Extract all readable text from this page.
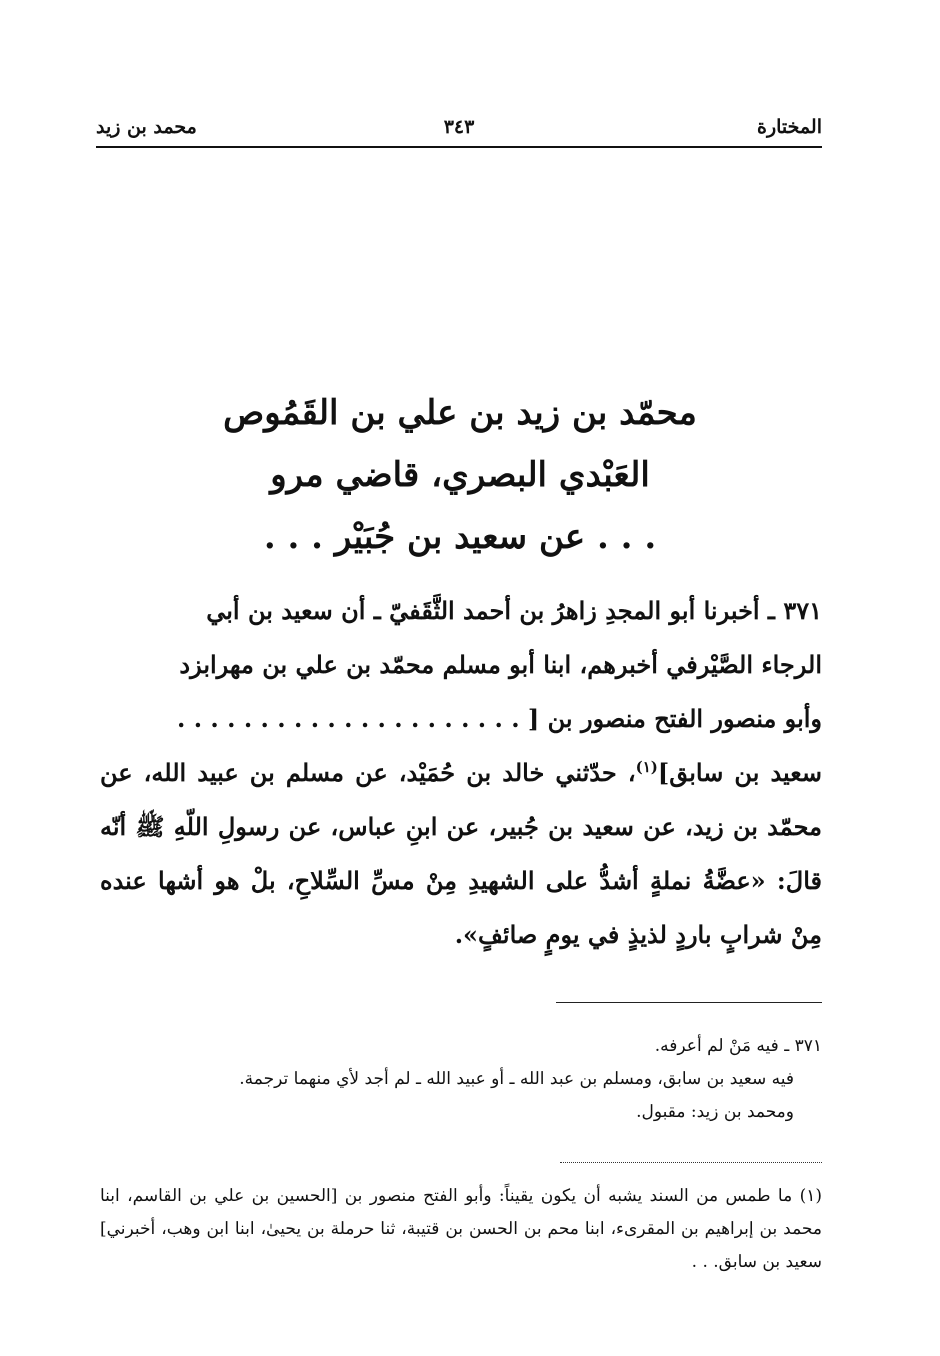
المختارة
٣٤٣
محمد بن زيد
محمّد بن زيد بن علي بن القَمُوص
العَبْدي البصري، قاضي مرو
. . . عن سعيد بن جُبَيْر . . .

٣٧١ ـ أخبرنا أبو المجدِ زاهرُ بن أحمد الثَّقَفيّ ـ أن سعيد بن أبي

الرجاء الصَّيْرفي أخبرهم، ابنا أبو مسلم محمّد بن علي بن مهرابزد

وأبو منصور الفتح منصور بن [ . . . . . . . . . . . . . . . . . . . . .

سعيد بن سابق]$^{(١)}$، حدّثني خالد بن حُمَيْد، عن مسلم بن عبيد الله، عن محمّد بن زيد، عن سعيد بن جُبير، عن ابنِ عباس، عن رسولِ اللّهِ ﷺ أنّه قالَ: «عضَّةُ نملةٍ أشدُّ على الشهيدِ مِنْ مسِّ السِّلاحِ، بلْ هو أشها عنده مِنْ شرابٍ باردٍ لذيذٍ في يومٍ صائفٍ».

٣٧١ ـ فيه مَنْ لم أعرفه.

فيه سعيد بن سابق، ومسلم بن عبد الله ـ أو عبيد الله ـ لم أجد لأي منهما ترجمة.

ومحمد بن زيد: مقبول.

(١) ما طمس من السند يشبه أن يكون يقيناً: وأبو الفتح منصور بن [الحسين بن علي بن القاسم، ابنا محمد بن إبراهيم بن المقرىء، ابنا محم بن الحسن بن قتيبة، ثنا حرملة بن يحيىٰ، ابنا ابن وهب، أخبرني] سعيد بن سابق. . .
